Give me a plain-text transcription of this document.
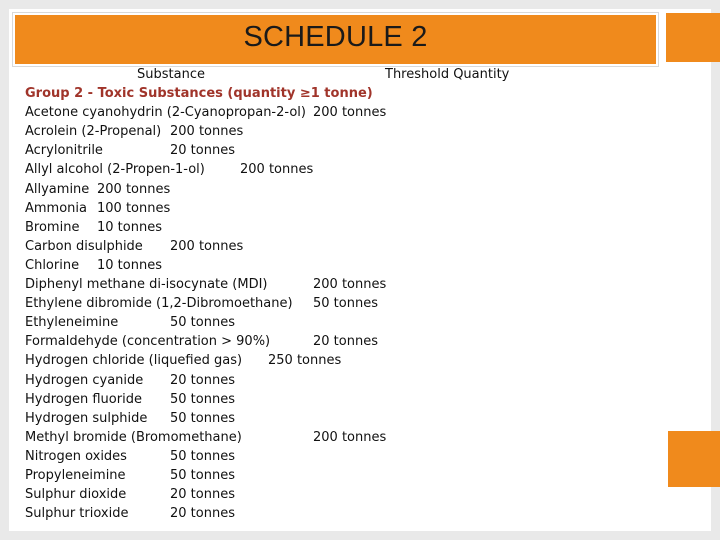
SCHEDULE 2
Substance	Threshold Quantity
Group 2 - Toxic Substances (quantity ≥1 tonne)
Acetone cyanohydrin (2-Cyanopropan-2-ol) 200 tonnes
Acrolein (2-Propenal) 200 tonnes
Acrylonitrile	20 tonnes
Allyl alcohol (2-Propen-1-ol)	200 tonnes
Allyamine 200 tonnes
Ammonia 100 tonnes
Bromine 10 tonnes
Carbon disulphide 200 tonnes
Chlorine 10 tonnes
Diphenyl methane di-isocynate (MDI)	200 tonnes
Ethylene dibromide (1,2-Dibromoethane) 50 tonnes
Ethyleneimine	50 tonnes
Formaldehyde (concentration > 90%)	20 tonnes
Hydrogen chloride (liquefied gas) 250 tonnes
Hydrogen cyanide 20 tonnes
Hydrogen fluoride 50 tonnes
Hydrogen sulphide 50 tonnes
Methyl bromide (Bromomethane)	200 tonnes
Nitrogen oxides	50 tonnes
Propyleneimine	50 tonnes
Sulphur dioxide	20 tonnes
Sulphur trioxide	20 tonnes
